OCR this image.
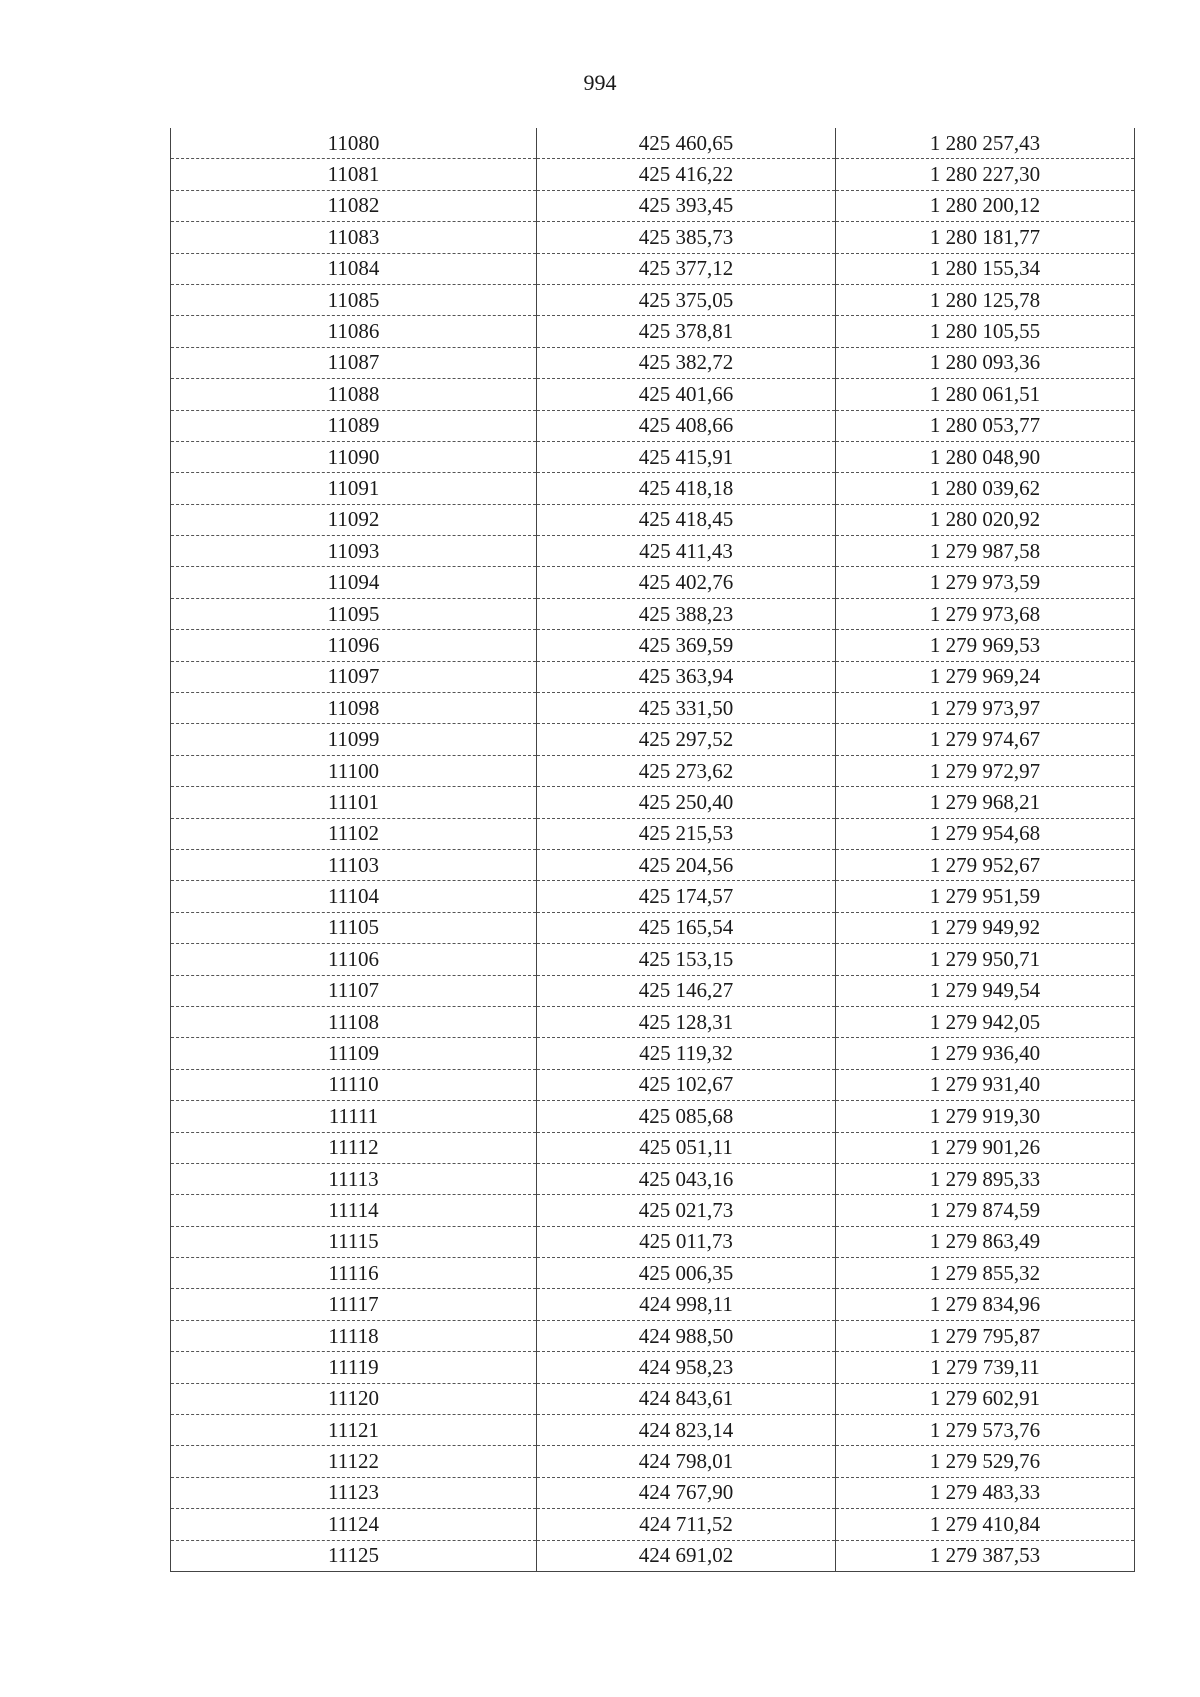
994
11080	425 460,65	1 280 257,43
11081	425 416,22	1 280 227,30
11082	425 393,45	1 280 200,12
11083	425 385,73	1 280 181,77
11084	425 377,12	1 280 155,34
11085	425 375,05	1 280 125,78
11086	425 378,81	1 280 105,55
11087	425 382,72	1 280 093,36
11088	425 401,66	1 280 061,51
11089	425 408,66	1 280 053,77
11090	425 415,91	1 280 048,90
11091	425 418,18	1 280 039,62
11092	425 418,45	1 280 020,92
11093	425 411,43	1 279 987,58
11094	425 402,76	1 279 973,59
11095	425 388,23	1 279 973,68
11096	425 369,59	1 279 969,53
11097	425 363,94	1 279 969,24
11098	425 331,50	1 279 973,97
11099	425 297,52	1 279 974,67
11100	425 273,62	1 279 972,97
11101	425 250,40	1 279 968,21
11102	425 215,53	1 279 954,68
11103	425 204,56	1 279 952,67
11104	425 174,57	1 279 951,59
11105	425 165,54	1 279 949,92
11106	425 153,15	1 279 950,71
11107	425 146,27	1 279 949,54
11108	425 128,31	1 279 942,05
11109	425 119,32	1 279 936,40
11110	425 102,67	1 279 931,40
11111	425 085,68	1 279 919,30
11112	425 051,11	1 279 901,26
11113	425 043,16	1 279 895,33
11114	425 021,73	1 279 874,59
11115	425 011,73	1 279 863,49
11116	425 006,35	1 279 855,32
11117	424 998,11	1 279 834,96
11118	424 988,50	1 279 795,87
11119	424 958,23	1 279 739,11
11120	424 843,61	1 279 602,91
11121	424 823,14	1 279 573,76
11122	424 798,01	1 279 529,76
11123	424 767,90	1 279 483,33
11124	424 711,52	1 279 410,84
11125	424 691,02	1 279 387,53
